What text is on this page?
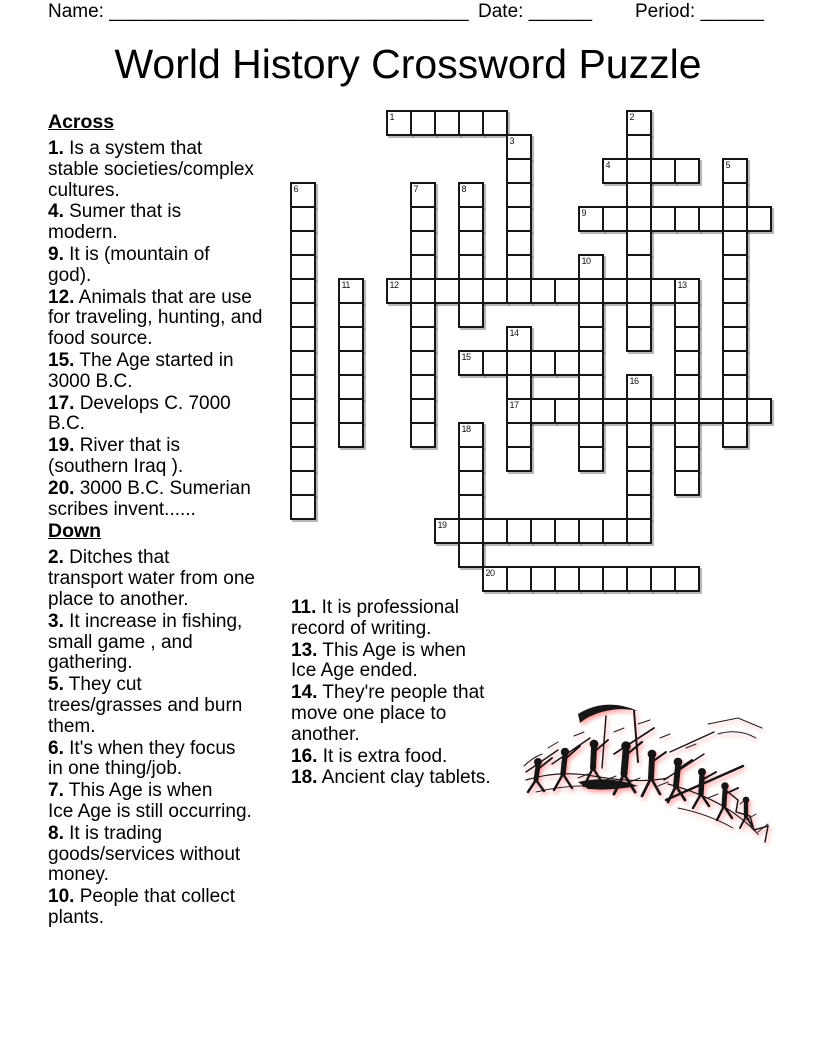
Name: __________________________________ Date: ______ Period: ______
World History Crossword Puzzle
Across

1. Is a system that
stable societies/complex
cultures.

4. Sumer that is
modern.

9. It is (mountain of
god).

12. Animals that are use
for traveling, hunting, and
food source.

15. The Age started in
3000 B.C.

17. Develops C. 7000
B.C.

19. River that is
(southern Iraq ).

20. 3000 B.C. Sumerian
scribes invent......

Down

2. Ditches that
transport water from one
place to another.

3. It increase in fishing,
small game , and
gathering.

5. They cut
trees/grasses and burn
them.

6. It's when they focus
in one thing/job.

7. This Age is when
Ice Age is still occurring.

8. It is trading
goods/services without
money.

10. People that collect
plants.

11. It is professional
record of writing.

13. This Age is when
Ice Age ended.

14. They're people that
move one place to
another.

16. It is extra food.

18. Ancient clay tablets.

1	2
3
4	5
6	7	8
9
10
11	12	13
14
15
16
17
18
19
20
